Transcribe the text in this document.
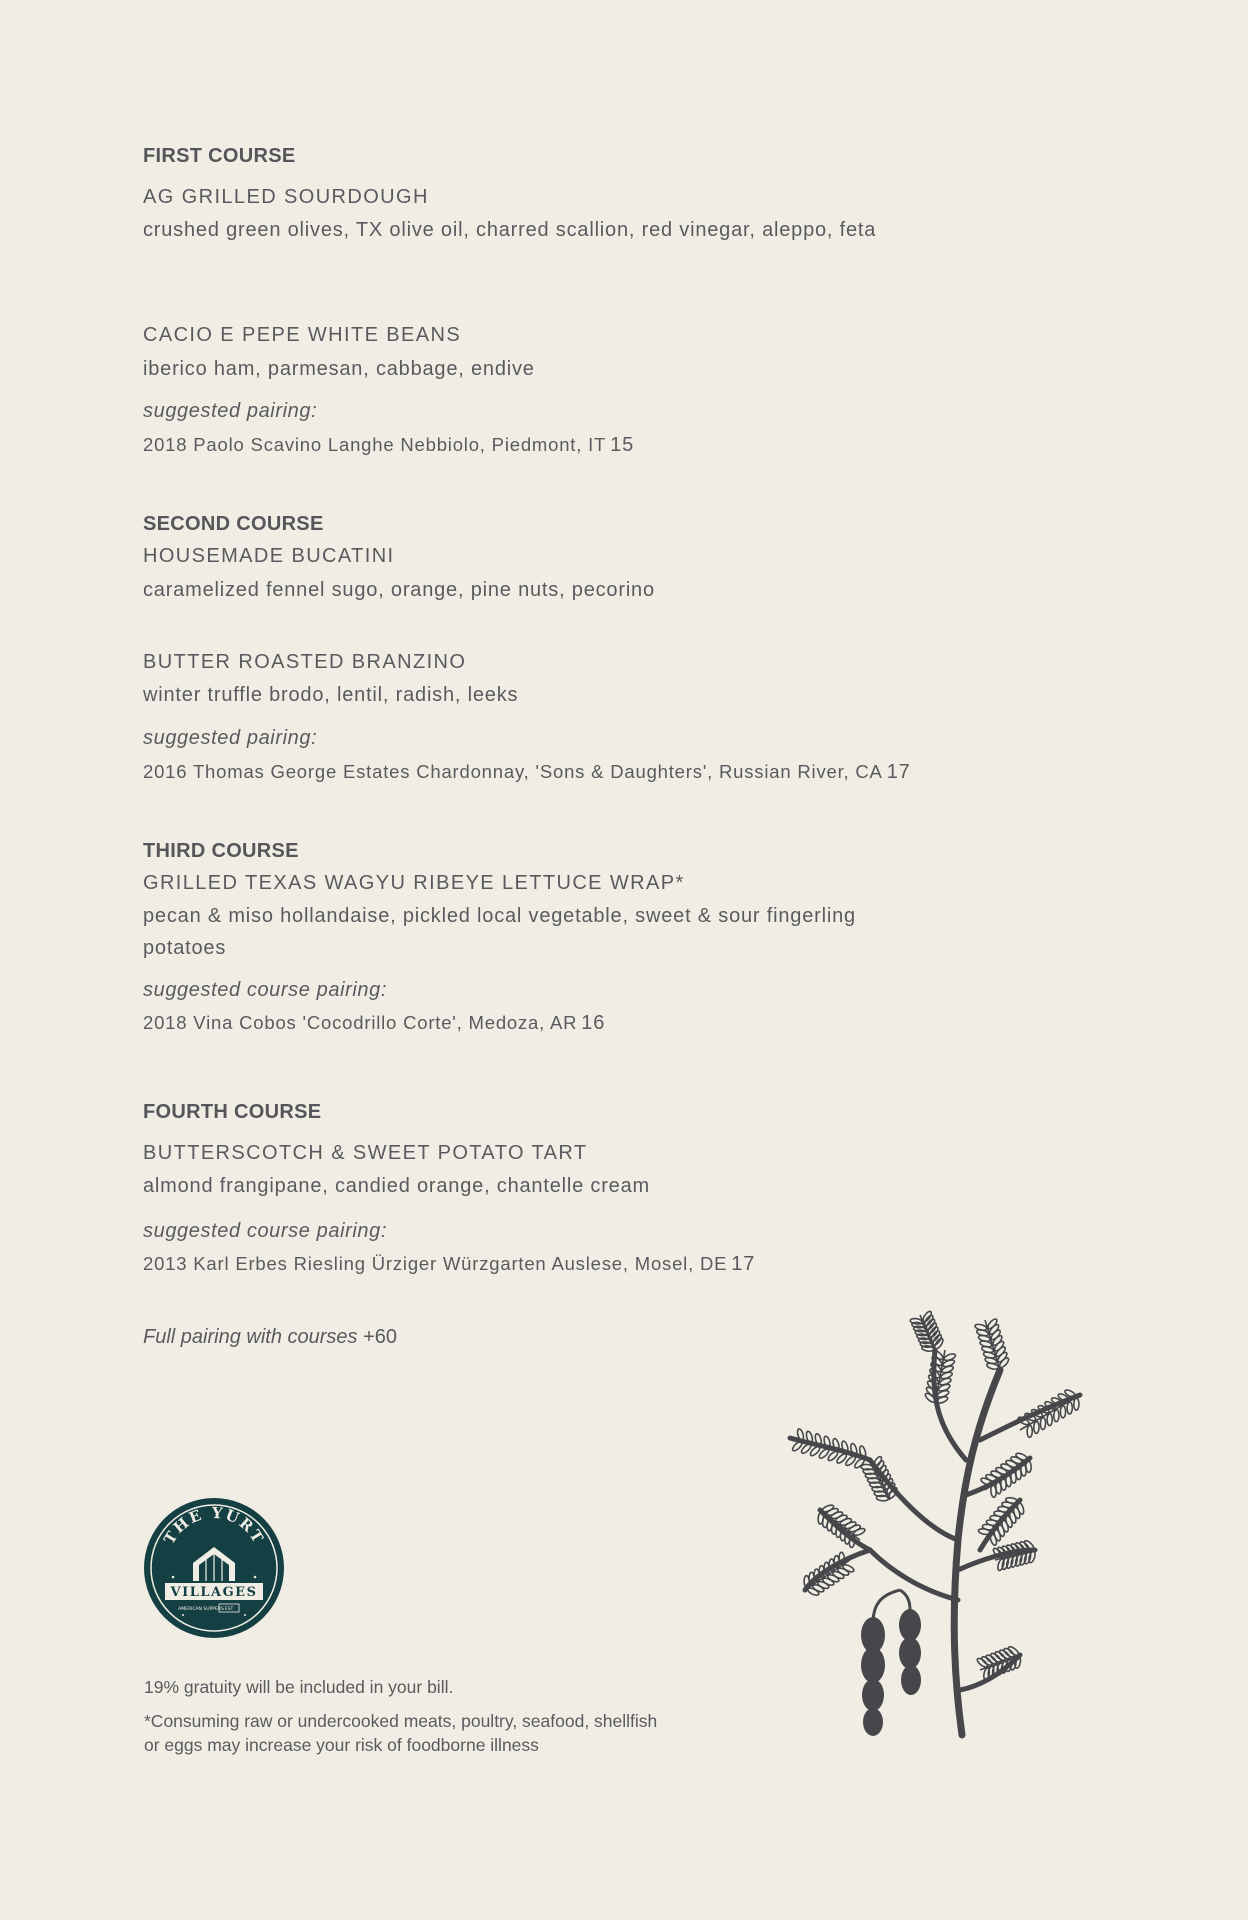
FIRST COURSE
AG GRILLED SOURDOUGH
crushed green olives, TX olive oil, charred scallion, red vinegar, aleppo, feta
CACIO E PEPE WHITE BEANS
iberico ham, parmesan, cabbage, endive
suggested pairing:
2018 Paolo Scavino Langhe Nebbiolo, Piedmont, IT 15
SECOND COURSE
HOUSEMADE BUCATINI
caramelized fennel sugo, orange, pine nuts, pecorino
BUTTER ROASTED BRANZINO
winter truffle brodo, lentil, radish, leeks
suggested pairing:
2016 Thomas George Estates Chardonnay, 'Sons & Daughters', Russian River, CA 17
THIRD COURSE
GRILLED TEXAS WAGYU RIBEYE LETTUCE WRAP*
pecan & miso hollandaise, pickled local vegetable, sweet & sour fingerling potatoes
suggested course pairing:
2018 Vina Cobos 'Cocodrillo Corte', Medoza, AR 16
FOURTH COURSE
BUTTERSCOTCH & SWEET POTATO TART
almond frangipane, candied orange, chantelle cream
suggested course pairing:
2013 Karl Erbes Riesling Ürziger Würzgarten Auslese, Mosel, DE 17
Full pairing with courses +60
19% gratuity will be included in your bill.
*Consuming raw or undercooked meats, poultry, seafood, shellfish or eggs may increase your risk of foodborne illness
THE YURT
VILLAGES
AMERICAN SUPPERS EST
